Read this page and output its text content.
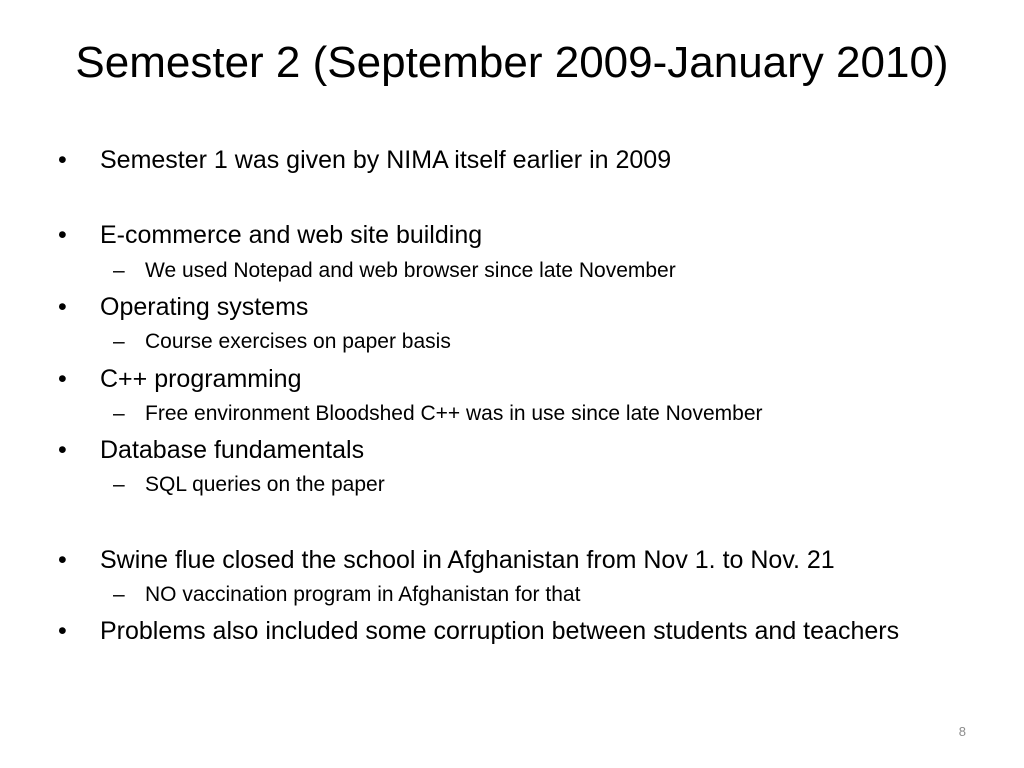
Semester 2 (September 2009-January 2010)
• Semester 1 was given by NIMA itself earlier in 2009
• E-commerce and web site building
– We used Notepad and web browser since late November
• Operating systems
– Course exercises on paper basis
• C++ programming
– Free environment Bloodshed C++ was in use since late November
• Database fundamentals
– SQL queries on the paper
• Swine flue closed the school in Afghanistan from Nov 1. to Nov. 21
– NO vaccination program in Afghanistan for that
• Problems also included some corruption between students and teachers
8
